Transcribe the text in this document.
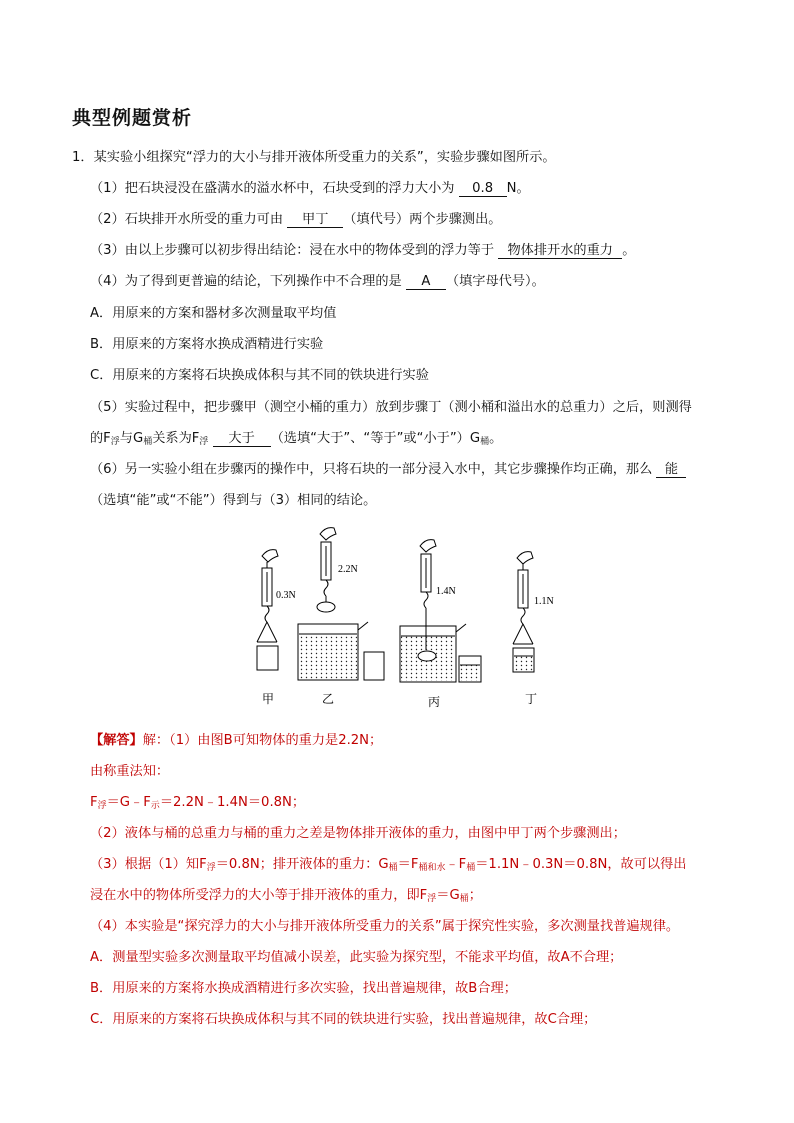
典型例题赏析
1．某实验小组探究“浮力的大小与排开液体所受重力的关系”，实验步骤如图所示。
（1）把石块浸没在盛满水的溢水杯中，石块受到的浮力大小为 0.8 N。
（2）石块排开水所受的重力可由 甲丁 （填代号）两个步骤测出。
（3）由以上步骤可以初步得出结论：浸在水中的物体受到的浮力等于 物体排开水的重力 。
（4）为了得到更普遍的结论，下列操作中不合理的是 A （填字母代号）。
A．用原来的方案和器材多次测量取平均值
B．用原来的方案将水换成酒精进行实验
C．用原来的方案将石块换成体积与其不同的铁块进行实验
（5）实验过程中，把步骤甲（测空小桶的重力）放到步骤丁（测小桶和溢出水的总重力）之后，则测得
的$F_浮$与$G_桶$关系为$F_浮$ 大于 （选填“大于”、“等于”或“小于$”)G_桶$。
（6）另一实验小组在步骤丙的操作中，只将石块的一部分浸入水中，其它步骤操作均正确，那么 能
（选填“能”或“不能”）得到与（3）相同的结论。
0.3N
甲
2.2N
乙
1.4N
丙
1.1N
丁
【解答】解：（1）由图B可知物体的重力是2.2N；
由称重法知：
$F_浮=G﹣F_示=2.2N﹣1.4N=0.8N$；
（2）液体与桶的总重力与桶的重力之差是物体排开液体的重力，由图中甲丁两个步骤测出；
（3）根据（1）知$F_浮=0.8N$；排开液体的重力：$G_桶=F_{桶和水}﹣F_桶=1.1N﹣0.3N=0.8N$，故可以得出
浸在水中的物体所受浮力的大小等于排开液体的重力，即$F_浮=G_桶$；
（4）本实验是“探究浮力的大小与排开液体所受重力的关系”属于探究性实验，多次测量找普遍规律。
A．测量型实验多次测量取平均值减小误差，此实验为探究型，不能求平均值，故A不合理；
B．用原来的方案将水换成酒精进行多次实验，找出普遍规律，故B合理；
C．用原来的方案将石块换成体积与其不同的铁块进行实验，找出普遍规律，故C合理；
